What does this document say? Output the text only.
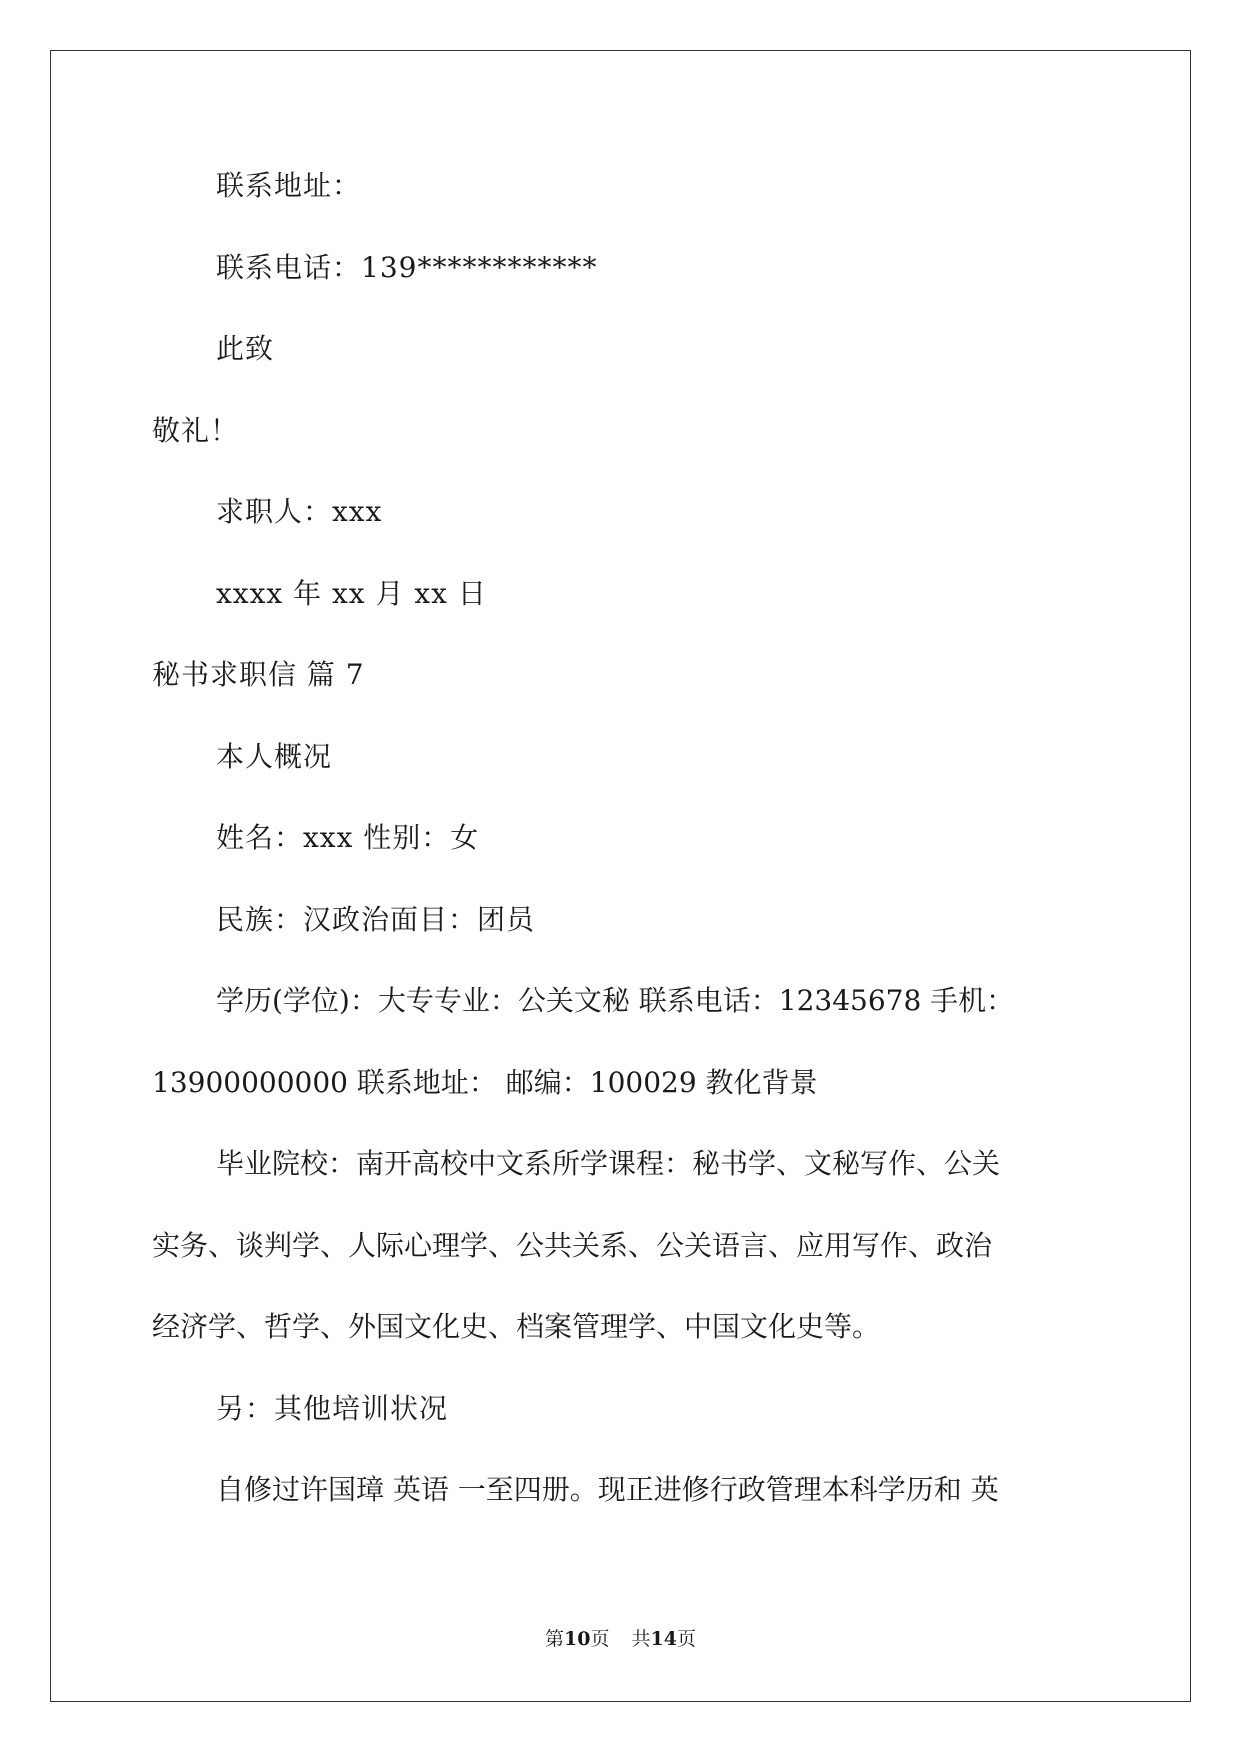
联系地址：
联系电话：139************
此致
敬礼！
求职人：xxx
xxxx 年 xx 月 xx 日
秘书求职信 篇 7
本人概况
姓名：xxx 性别：女
民族：汉政治面目：团员
学历(学位)：大专专业：公关文秘 联系电话：12345678 手机：
13900000000 联系地址： 邮编：100029 教化背景
毕业院校：南开高校中文系所学课程：秘书学、文秘写作、公关
实务、谈判学、人际心理学、公共关系、公关语言、应用写作、政治
经济学、哲学、外国文化史、档案管理学、中国文化史等。
另：其他培训状况
自修过许国璋 英语 一至四册。现正进修行政管理本科学历和 英
第10页 共14页
